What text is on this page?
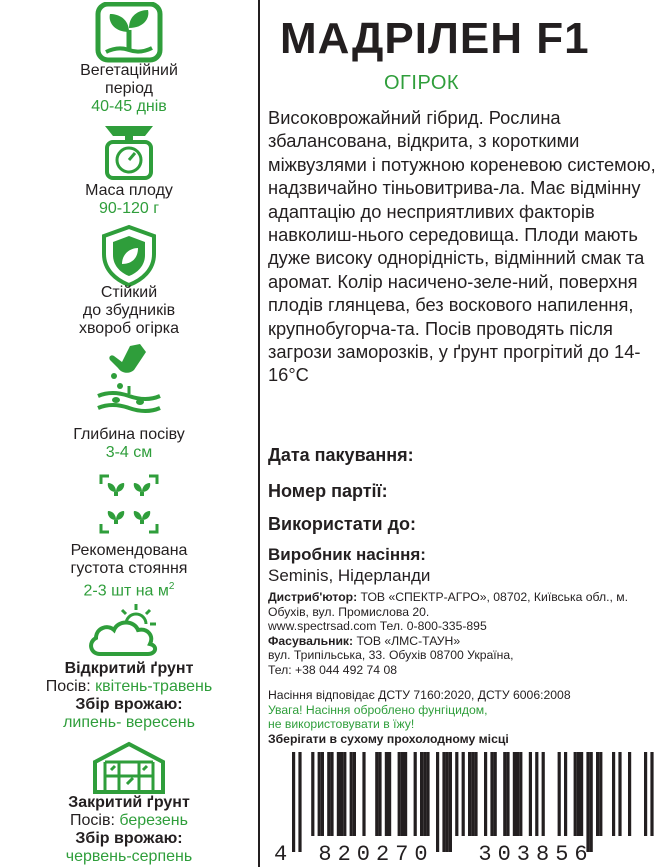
Вегетаційний
період
40-45 днів
Маса плоду
90-120 г
Стійкий
до збудників
хвороб огірка
Глибина посіву
3-4 см
Рекомендована
густота стояння
2-3 шт на $м^2$
Відкритий ґрунт
Посів: квітень-травень
Збір врожаю:
липень- вересень
Закритий ґрунт
Посів: березень
Збір врожаю:
червень-серпень
МАДРІЛЕН F1
ОГІРОК
Високоврожайний гібрид. Рослина збалансована, відкрита, з короткими міжвузлями і потужною кореневою системою, надзвичайно тіньовитрива-ла. Має відмінну адаптацію до несприятливих факторів навколиш-нього середовища. Плоди мають дуже високу однорідність, відмінний смак та аромат. Колір насичено-зеле-ний, поверхня плодів глянцева, без воскового напилення, крупнобугорча-та. Посів проводять після загрози заморозків, у ґрунт прогрітий до 14-16°С
Дата пакування:
Номер партії:
Використати до:
Виробник насіння:
Seminis, Нідерланди
Дистриб'ютор: ТОВ «СПЕКТР-АГРО», 08702, Київська обл., м. Обухів, вул. Промислова 20.
www.spectrsad.com Тел. 0-800-335-895
Фасувальник: ТОВ «ЛМС-ТАУН»
вул. Трипільська, 33. Обухів 08700 Україна,
Тел: +38 044 492 74 08
Насіння відповідає ДСТУ 7160:2020, ДСТУ 6006:2008
Увага! Насіння оброблено фунгіцидом,
не використовувати в їжу!
Зберігати в сухому прохолодному місці
4 820270 303856
